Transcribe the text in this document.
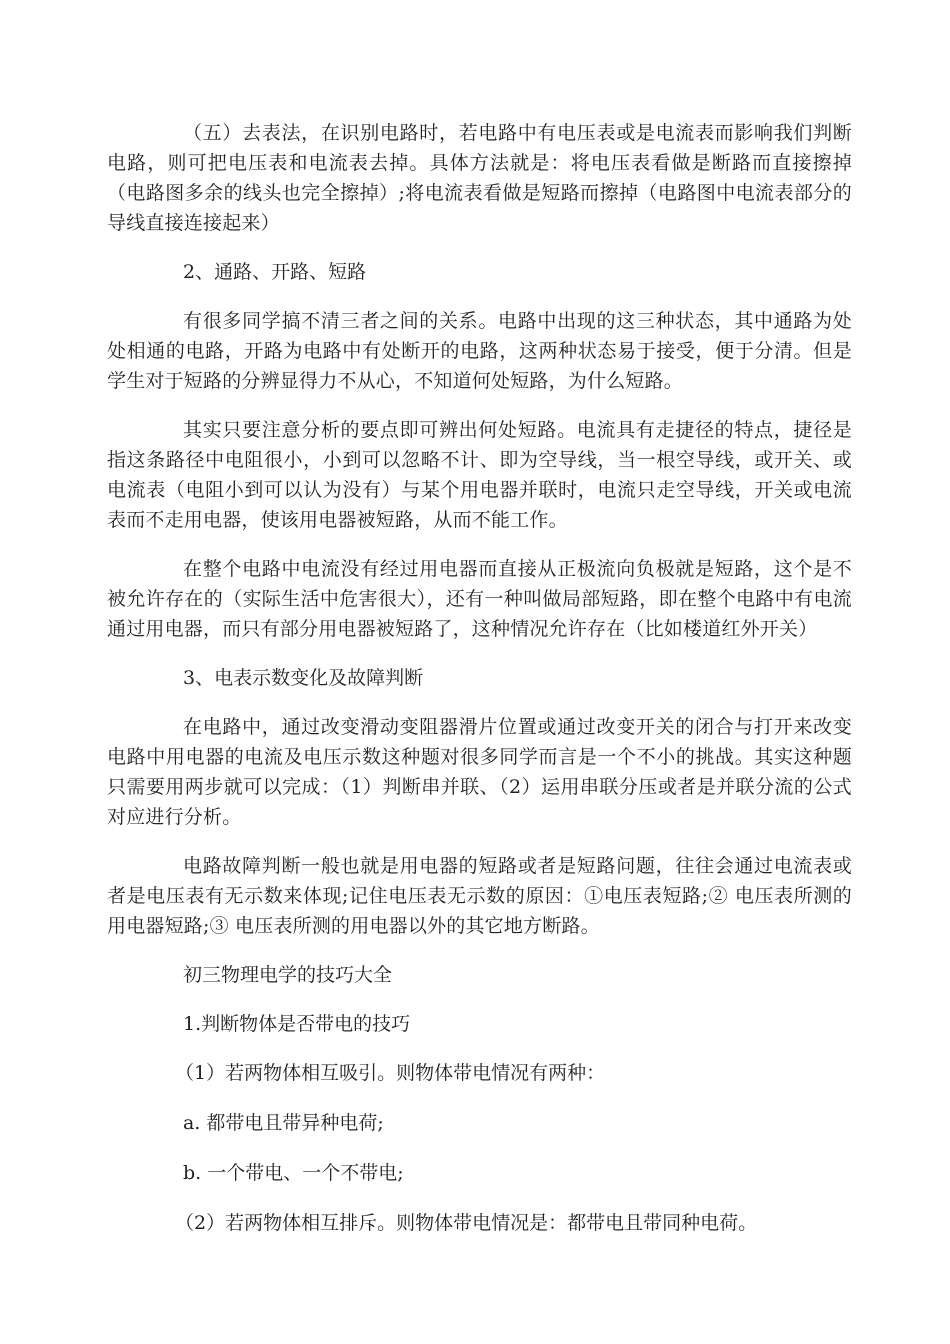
（五）去表法，在识别电路时，若电路中有电压表或是电流表而影响我们判断电路，则可把电压表和电流表去掉。具体方法就是：将电压表看做是断路而直接擦掉（电路图多余的线头也完全擦掉）;将电流表看做是短路而擦掉（电路图中电流表部分的导线直接连接起来）

2、通路、开路、短路

有很多同学搞不清三者之间的关系。电路中出现的这三种状态，其中通路为处处相通的电路，开路为电路中有处断开的电路，这两种状态易于接受，便于分清。但是学生对于短路的分辨显得力不从心，不知道何处短路，为什么短路。

其实只要注意分析的要点即可辨出何处短路。电流具有走捷径的特点，捷径是指这条路径中电阻很小，小到可以忽略不计、即为空导线，当一根空导线，或开关、或电流表（电阻小到可以认为没有）与某个用电器并联时，电流只走空导线，开关或电流表而不走用电器，使该用电器被短路，从而不能工作。

在整个电路中电流没有经过用电器而直接从正极流向负极就是短路，这个是不被允许存在的（实际生活中危害很大），还有一种叫做局部短路，即在整个电路中有电流通过用电器，而只有部分用电器被短路了，这种情况允许存在（比如楼道红外开关）

3、电表示数变化及故障判断

在电路中，通过改变滑动变阻器滑片位置或通过改变开关的闭合与打开来改变电路中用电器的电流及电压示数这种题对很多同学而言是一个不小的挑战。其实这种题只需要用两步就可以完成：（1）判断串并联、（2）运用串联分压或者是并联分流的公式对应进行分析。

电路故障判断一般也就是用电器的短路或者是短路问题，往往会通过电流表或者是电压表有无示数来体现;记住电压表无示数的原因：①电压表短路;② 电压表所测的用电器短路;③ 电压表所测的用电器以外的其它地方断路。

初三物理电学的技巧大全

1.判断物体是否带电的技巧

（1）若两物体相互吸引。则物体带电情况有两种：

a. 都带电且带异种电荷;

b. 一个带电、一个不带电;

（2）若两物体相互排斥。则物体带电情况是：都带电且带同种电荷。
